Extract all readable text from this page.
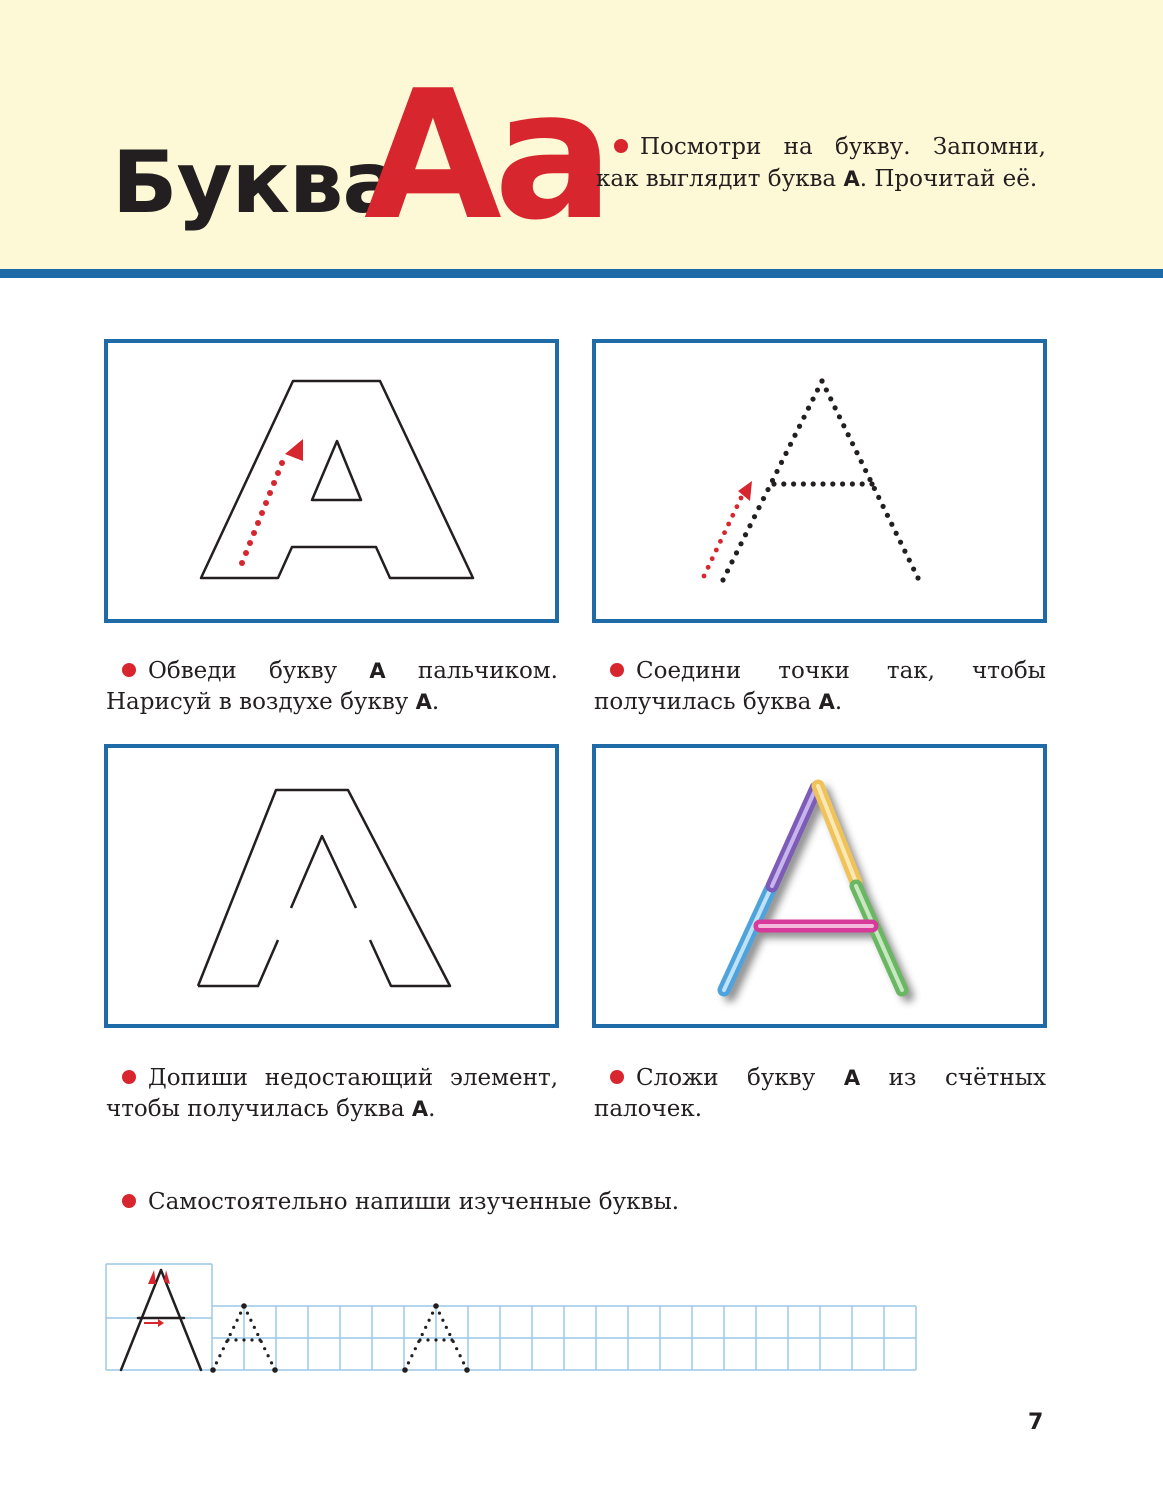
Буква
Аа	Посмотри на букву. Запомни, как выглядит буква А. Прочитай её.

Обведи букву А пальчиком. Нарисуй в воздухе букву А.

Соедини точки так, чтобы получилась буква А.

Допиши недостающий элемент, чтобы получилась буква А.

Сложи букву А из счётных палочек.

Самостоятельно напиши изученные буквы.

7
